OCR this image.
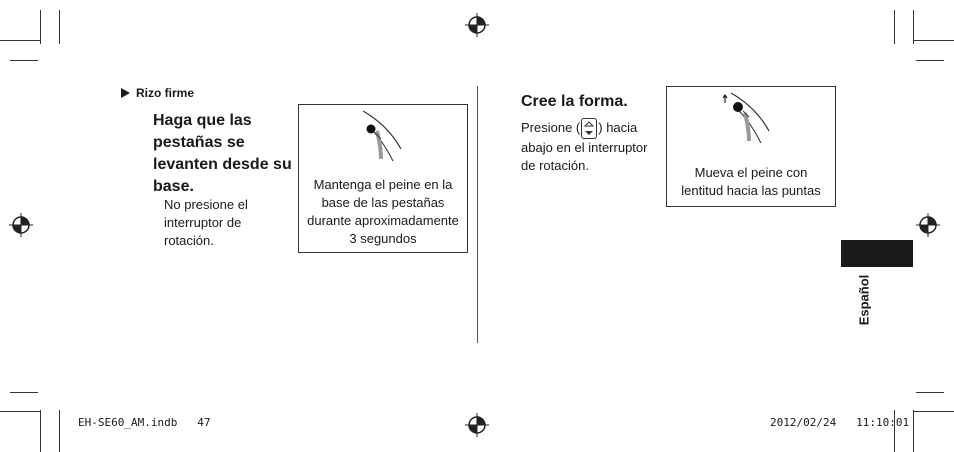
Rizo firme
Haga que las
pestañas se
levanten desde su
base.
No presione el
interruptor de
rotación.
Mantenga el peine en la
base de las pestañas
durante aproximadamente
3 segundos
Cree la forma.
Presione ( ) hacia
abajo en el interruptor
de rotación.	Mueva el peine con
lentitud hacia las puntas
Español
EH-SE60_AM.indb 47	2012/02/24 11:10:01
